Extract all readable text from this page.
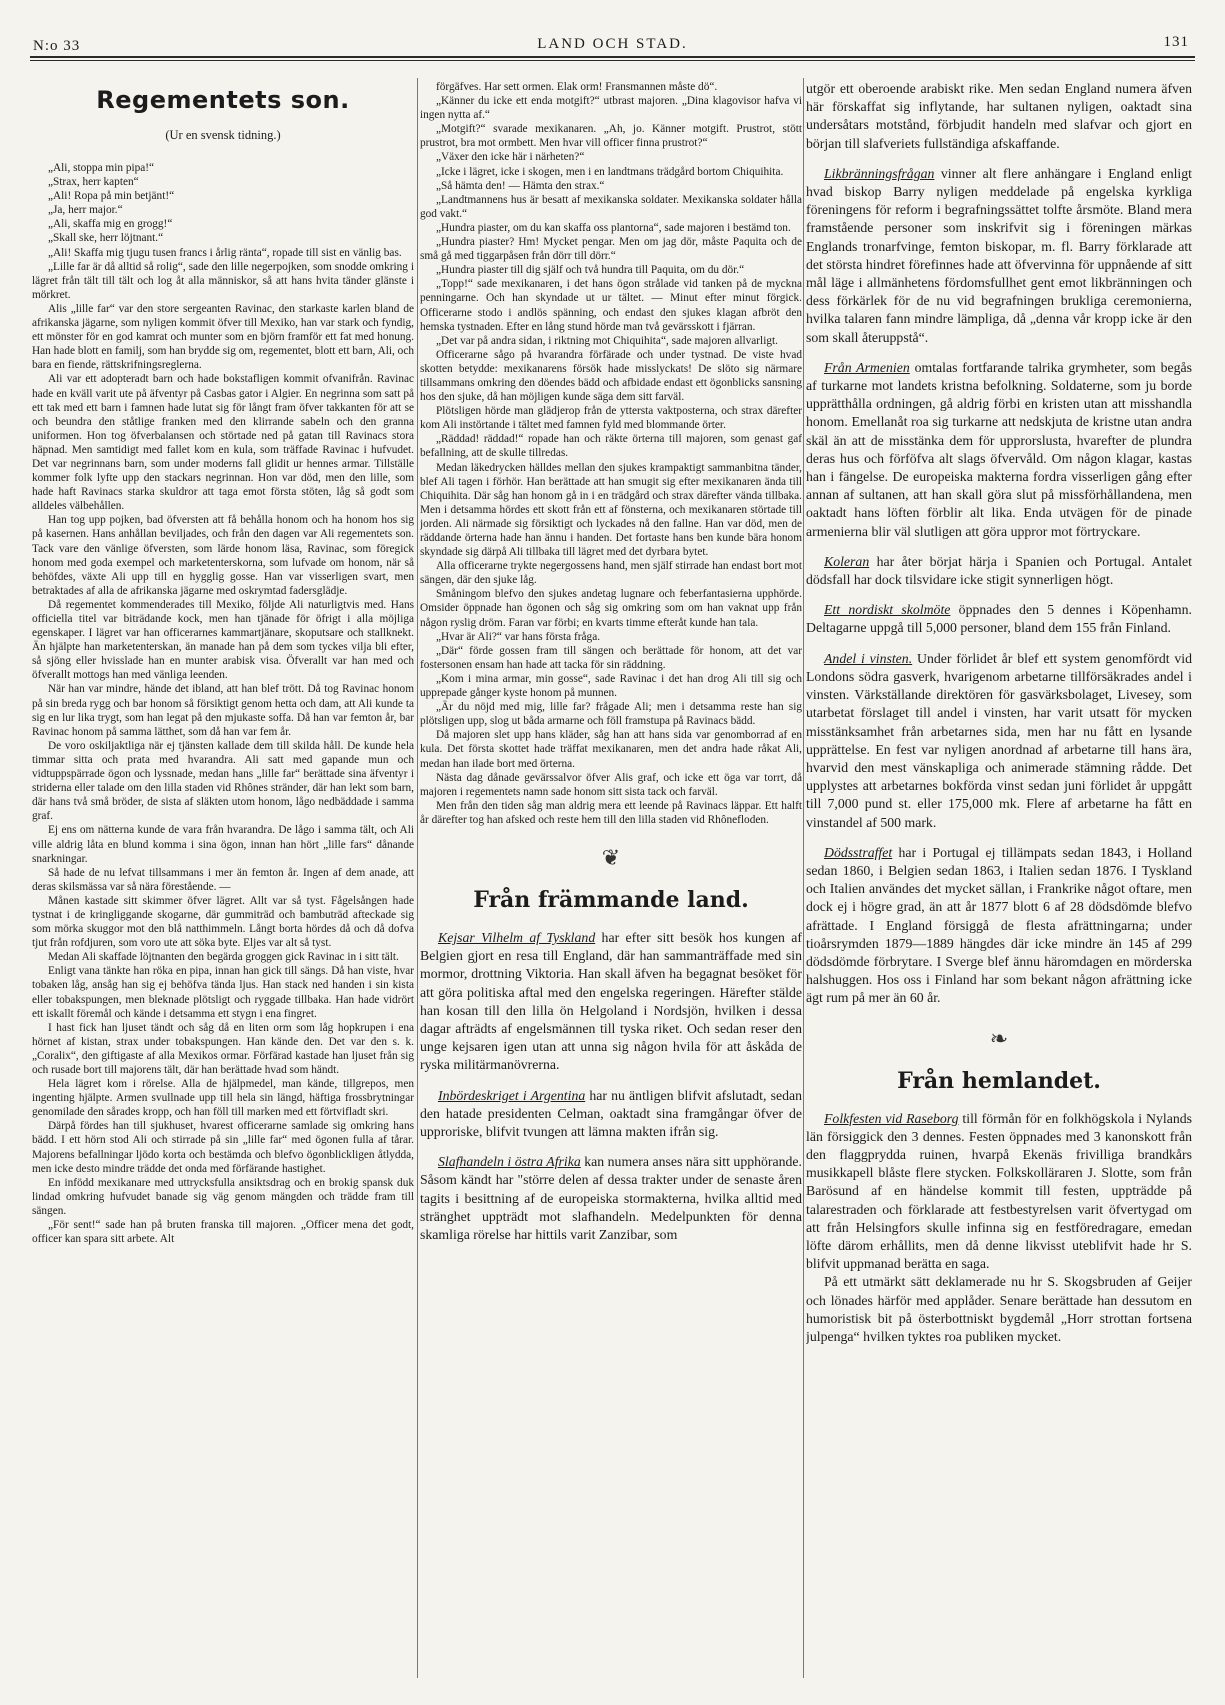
N:o 33	LAND OCH STAD.	131
Regementets son.
(Ur en svensk tidning.)

„Ali, stoppa min pipa!“

„Strax, herr kapten“

„Ali! Ropa på min betjänt!“

„Ja, herr major.“

„Ali, skaffa mig en grogg!“

„Skall ske, herr löjtnant.“

„Ali! Skaffa mig tjugu tusen francs i årlig ränta“, ropade till sist en vänlig bas.

„Lille far är då alltid så rolig“, sade den lille negerpojken, som snodde omkring i lägret från tält till tält och log åt alla människor, så att hans hvita tänder glänste i mörkret.

Alis „lille far“ var den store sergeanten Ravinac, den starkaste karlen bland de afrikanska jägarne, som nyligen kommit öfver till Mexiko, han var stark och fyndig, ett mönster för en god kamrat och munter som en björn framför ett fat med honung. Han hade blott en familj, som han brydde sig om, regementet, blott ett barn, Ali, och bara en fiende, rättskrifningsreglerna.

Ali var ett adopteradt barn och hade bokstafligen kommit ofvanifrån. Ravinac hade en kväll varit ute på äfventyr på Casbas gator i Algier. En negrinna som satt på ett tak med ett barn i famnen hade lutat sig för långt fram öfver takkanten för att se och beundra den ståtlige franken med den klirrande sabeln och den granna uniformen. Hon tog öfverbalansen och störtade ned på gatan till Ravinacs stora häpnad. Men samtidigt med fallet kom en kula, som träffade Ravinac i hufvudet. Det var negrinnans barn, som under moderns fall glidit ur hennes armar. Tillställe kommer folk lyfte upp den stackars negrinnan. Hon var död, men den lille, som hade haft Ravinacs starka skuldror att taga emot första stöten, låg så godt som alldeles välbehållen.

Han tog upp pojken, bad öfversten att få behålla honom och ha honom hos sig på kasernen. Hans anhållan beviljades, och från den dagen var Ali regementets son. Tack vare den vänlige öfversten, som lärde honom läsa, Ravinac, som föregick honom med goda exempel och marketenterskorna, som lufvade om honom, när så behöfdes, växte Ali upp till en hygglig gosse. Han var visserligen svart, men betraktades af alla de afrikanska jägarne med oskrymtad fadersglädje.

Då regementet kommenderades till Mexiko, följde Ali naturligtvis med. Hans officiella titel var biträdande kock, men han tjänade för öfrigt i alla möjliga egenskaper. I lägret var han officerarnes kammartjänare, skoputsare och stallknekt. Än hjälpte han marketenterskan, än manade han på dem som tyckes vilja bli efter, så sjöng eller hvisslade han en munter arabisk visa. Öfverallt var han med och öfverallt mottogs han med vänliga leenden.

När han var mindre, hände det ibland, att han blef trött. Då tog Ravinac honom på sin breda rygg och bar honom så försiktigt genom hetta och dam, att Ali kunde ta sig en lur lika trygt, som han legat på den mjukaste soffa. Då han var femton år, bar Ravinac honom på samma lätthet, som då han var fem år.

De voro oskiljaktliga när ej tjänsten kallade dem till skilda håll. De kunde hela timmar sitta och prata med hvarandra. Ali satt med gapande mun och vidtuppspärrade ögon och lyssnade, medan hans „lille far“ berättade sina äfventyr i striderna eller talade om den lilla staden vid Rhônes stränder, där han lekt som barn, där hans två små bröder, de sista af släkten utom honom, lågo nedbäddade i samma graf.

Ej ens om nätterna kunde de vara från hvarandra. De lågo i samma tält, och Ali ville aldrig låta en blund komma i sina ögon, innan han hört „lille fars“ dånande snarkningar.

Så hade de nu lefvat tillsammans i mer än femton år. Ingen af dem anade, att deras skilsmässa var så nära förestående. —

Månen kastade sitt skimmer öfver lägret. Allt var så tyst. Fågelsången hade tystnat i de kringliggande skogarne, där gummiträd och bambuträd afteckade sig som mörka skuggor mot den blå natthimmeln. Långt borta hördes då och då dofva tjut från rofdjuren, som voro ute att söka byte. Eljes var alt så tyst.

Medan Ali skaffade löjtnanten den begärda groggen gick Ravinac in i sitt tält.

Enligt vana tänkte han röka en pipa, innan han gick till sängs. Då han viste, hvar tobaken låg, ansåg han sig ej behöfva tända ljus. Han stack ned handen i sin kista eller tobakspungen, men bleknade plötsligt och ryggade tillbaka. Han hade vidrört ett iskallt föremål och kände i detsamma ett stygn i ena fingret.

I hast fick han ljuset tändt och såg då en liten orm som låg hopkrupen i ena hörnet af kistan, strax under tobakspungen. Han kände den. Det var den s. k. „Coralix“, den giftigaste af alla Mexikos ormar. Förfärad kastade han ljuset från sig och rusade bort till majorens tält, där han berättade hvad som händt.

Hela lägret kom i rörelse. Alla de hjälpmedel, man kände, tillgrepos, men ingenting hjälpte. Armen svullnade upp till hela sin längd, häftiga frossbrytningar genomilade den sårades kropp, och han föll till marken med ett förtvifladt skri.

Därpå fördes han till sjukhuset, hvarest officerarne samlade sig omkring hans bädd. I ett hörn stod Ali och stirrade på sin „lille far“ med ögonen fulla af tårar. Majorens befallningar ljödo korta och bestämda och blefvo ögonblickligen åtlydda, men icke desto mindre trädde det onda med förfärande hastighet.

En infödd mexikanare med uttrycksfulla ansiktsdrag och en brokig spansk duk lindad omkring hufvudet banade sig väg genom mängden och trädde fram till sängen.

„För sent!“ sade han på bruten franska till majoren. „Officer mena det godt, officer kan spara sitt arbete. Alt

förgäfves. Har sett ormen. Elak orm! Fransmannen måste dö“.

„Känner du icke ett enda motgift?“ utbrast majoren. „Dina klagovisor hafva vi ingen nytta af.“

„Motgift?“ svarade mexikanaren. „Ah, jo. Känner motgift. Prustrot, stött prustrot, bra mot ormbett. Men hvar vill officer finna prustrot?“

„Växer den icke här i närheten?“

„Icke i lägret, icke i skogen, men i en landtmans trädgård bortom Chiquihita.

„Så hämta den! — Hämta den strax.“

„Landtmannens hus är besatt af mexikanska soldater. Mexikanska soldater hålla god vakt.“

„Hundra piaster, om du kan skaffa oss plantorna“, sade majoren i bestämd ton.

„Hundra piaster? Hm! Mycket pengar. Men om jag dör, måste Paquita och de små gå med tiggarpåsen från dörr till dörr.“

„Hundra piaster till dig själf och två hundra till Paquita, om du dör.“

„Topp!“ sade mexikanaren, i det hans ögon strålade vid tanken på de myckna penningarne. Och han skyndade ut ur tältet. — Minut efter minut förgick. Officerarne stodo i andlös spänning, och endast den sjukes klagan afbröt den hemska tystnaden. Efter en lång stund hörde man två gevärsskott i fjärran.

„Det var på andra sidan, i riktning mot Chiquihita“, sade majoren allvarligt.

Officerarne sågo på hvarandra förfärade och under tystnad. De viste hvad skotten betydde: mexikanarens försök hade misslyckats! De slöto sig närmare tillsammans omkring den döendes bädd och afbidade endast ett ögonblicks sansning hos den sjuke, då han möjligen kunde säga dem sitt farväl.

Plötsligen hörde man glädjerop från de yttersta vaktposterna, och strax därefter kom Ali instörtande i tältet med famnen fyld med blommande örter.

„Räddad! räddad!“ ropade han och räkte örterna till majoren, som genast gaf befallning, att de skulle tillredas.

Medan läkedrycken hälldes mellan den sjukes krampaktigt sammanbitna tänder, blef Ali tagen i förhör. Han berättade att han smugit sig efter mexikanaren ända till Chiquihita. Där såg han honom gå in i en trädgård och strax därefter vända tillbaka. Men i detsamma hördes ett skott från ett af fönsterna, och mexikanaren störtade till jorden. Ali närmade sig försiktigt och lyckades nå den fallne. Han var död, men de räddande örterna hade han ännu i handen. Det fortaste hans ben kunde bära honom skyndade sig därpå Ali tillbaka till lägret med det dyrbara bytet.

Alla officerarne trykte negergossens hand, men själf stirrade han endast bort mot sängen, där den sjuke låg.

Småningom blefvo den sjukes andetag lugnare och feberfantasierna upphörde. Omsider öppnade han ögonen och såg sig omkring som om han vaknat upp från någon ryslig dröm. Faran var förbi; en kvarts timme efteråt kunde han tala.

„Hvar är Ali?“ var hans första fråga.

„Där“ förde gossen fram till sängen och berättade för honom, att det var fostersonen ensam han hade att tacka för sin räddning.

„Kom i mina armar, min gosse“, sade Ravinac i det han drog Ali till sig och upprepade gånger kyste honom på munnen.

„Är du nöjd med mig, lille far? frågade Ali; men i detsamma reste han sig plötsligen upp, slog ut båda armarne och föll framstupa på Ravinacs bädd.

Då majoren slet upp hans kläder, såg han att hans sida var genomborrad af en kula. Det första skottet hade träffat mexikanaren, men det andra hade råkat Ali, medan han ilade bort med örterna.

Nästa dag dånade gevärssalvor öfver Alis graf, och icke ett öga var torrt, då majoren i regementets namn sade honom sitt sista tack och farväl.

Men från den tiden såg man aldrig mera ett leende på Ravinacs läppar. Ett halft år därefter tog han afsked och reste hem till den lilla staden vid Rhônefloden.

❦
Från främmande land.

Kejsar Vilhelm af Tyskland har efter sitt besök hos kungen af Belgien gjort en resa till England, där han sammanträffade med sin mormor, drottning Viktoria. Han skall äfven ha begagnat besöket för att göra politiska aftal med den engelska regeringen. Härefter stälde han kosan till den lilla ön Helgoland i Nordsjön, hvilken i dessa dagar afträdts af engelsmännen till tyska riket. Och sedan reser den unge kejsaren igen utan att unna sig någon hvila för att åskåda de ryska militärmanövrerna.

Inbördeskriget i Argentina har nu äntligen blifvit afslutadt, sedan den hatade presidenten Celman, oaktadt sina framgångar öfver de upproriske, blifvit tvungen att lämna makten ifrån sig.

Slafhandeln i östra Afrika kan numera anses nära sitt upphörande. Såsom kändt har "större delen af dessa trakter under de senaste åren tagits i besittning af de europeiska stormakterna, hvilka alltid med stränghet uppträdt mot slafhandeln. Medelpunkten för denna skamliga rörelse har hittils varit Zanzibar, som

utgör ett oberoende arabiskt rike. Men sedan England numera äfven här förskaffat sig inflytande, har sultanen nyligen, oaktadt sina undersåtars motstånd, förbjudit handeln med slafvar och gjort en början till slafveriets fullständiga afskaffande.

Likbränningsfrågan vinner alt flere anhängare i England enligt hvad biskop Barry nyligen meddelade på engelska kyrkliga föreningens för reform i begrafningssättet tolfte årsmöte. Bland mera framstående personer som inskrifvit sig i föreningen märkas Englands tronarfvinge, femton biskopar, m. fl. Barry förklarade att det största hindret förefinnes hade att öfvervinna för uppnående af sitt mål läge i allmänhetens fördomsfullhet gent emot likbränningen och dess förkärlek för de nu vid begrafningen brukliga ceremonierna, hvilka talaren fann mindre lämpliga, då „denna vår kropp icke är den som skall återuppstå“.

Från Armenien omtalas fortfarande talrika grymheter, som begås af turkarne mot landets kristna befolkning. Soldaterne, som ju borde upprätthålla ordningen, gå aldrig förbi en kristen utan att misshandla honom. Emellanåt roa sig turkarne att nedskjuta de kristne utan andra skäl än att de misstänka dem för upprorslusta, hvarefter de plundra deras hus och förföfva alt slags öfvervåld. Om någon klagar, kastas han i fängelse. De europeiska makterna fordra visserligen gång efter annan af sultanen, att han skall göra slut på missförhållandena, men oaktadt hans löften förblir alt lika. Enda utvägen för de pinade armenierna blir väl slutligen att göra uppror mot förtryckare.

Koleran har åter börjat härja i Spanien och Portugal. Antalet dödsfall har dock tilsvidare icke stigit synnerligen högt.

Ett nordiskt skolmöte öppnades den 5 dennes i Köpenhamn. Deltagarne uppgå till 5,000 personer, bland dem 155 från Finland.

Andel i vinsten. Under förlidet år blef ett system genomfördt vid Londons södra gasverk, hvarigenom arbetarne tillförsäkrades andel i vinsten. Värkställande direktören för gasvärksbolaget, Livesey, som utarbetat förslaget till andel i vinsten, har varit utsatt för mycken misstänksamhet från arbetarnes sida, men har nu fått en lysande upprättelse. En fest var nyligen anordnad af arbetarne till hans ära, hvarvid den mest vänskapliga och animerade stämning rådde. Det upplystes att arbetarnes bokförda vinst sedan juni förlidet år uppgått till 7,000 pund st. eller 175,000 mk. Flere af arbetarne ha fått en vinstandel af 500 mark.

Dödsstraffet har i Portugal ej tillämpats sedan 1843, i Holland sedan 1860, i Belgien sedan 1863, i Italien sedan 1876. I Tyskland och Italien användes det mycket sällan, i Frankrike något oftare, men dock ej i högre grad, än att år 1877 blott 6 af 28 dödsdömde blefvo afrättade. I England försiggå de flesta afrättningarna; under tioårsrymden 1879—1889 hängdes där icke mindre än 145 af 299 dödsdömde förbrytare. I Sverge blef ännu häromdagen en mörderska halshuggen. Hos oss i Finland har som bekant någon afrättning icke ägt rum på mer än 60 år.

❧
Från hemlandet.

Folkfesten vid Raseborg till förmån för en folkhögskola i Nylands län försiggick den 3 dennes. Festen öppnades med 3 kanonskott från den flaggprydda ruinen, hvarpå Ekenäs frivilliga brandkårs musikkapell blåste flere stycken. Folkskolläraren J. Slotte, som från Barösund af en händelse kommit till festen, uppträdde på talarestraden och förklarade att festbestyrelsen varit öfvertygad om att från Helsingfors skulle infinna sig en festföredragare, emedan löfte därom erhållits, men då denne likvisst uteblifvit hade hr S. blifvit uppmanad berätta en saga.

På ett utmärkt sätt deklamerade nu hr S. Skogsbruden af Geijer och lönades härför med applåder. Senare berättade han dessutom en humoristisk bit på österbottniskt bygdemål „Horr strottan fortsena julpenga“ hvilken tyktes roa publiken mycket.
